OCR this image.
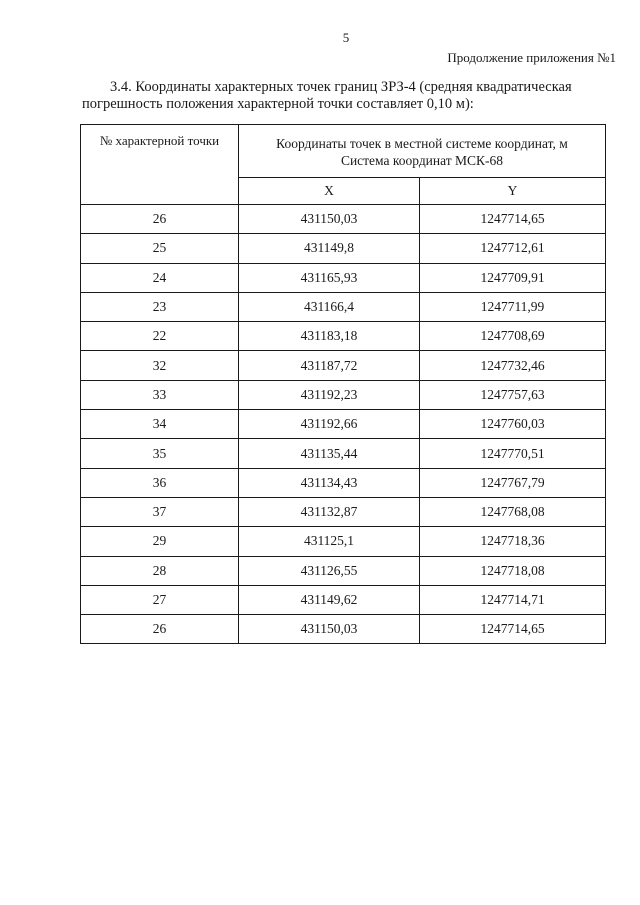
5
Продолжение приложения №1

3.4. Координаты характерных точек границ ЗРЗ-4 (средняя квадратическая
погрешность положения характерной точки составляет 0,10 м):

№ характерной точки	Координаты точек в местной системе координат, м
Система координат МСК-68	
	X	Y
26	431150,03	1247714,65
25	431149,8	1247712,61
24	431165,93	1247709,91
23	431166,4	1247711,99
22	431183,18	1247708,69
32	431187,72	1247732,46
33	431192,23	1247757,63
34	431192,66	1247760,03
35	431135,44	1247770,51
36	431134,43	1247767,79
37	431132,87	1247768,08
29	431125,1	1247718,36
28	431126,55	1247718,08
27	431149,62	1247714,71
26	431150,03	1247714,65
